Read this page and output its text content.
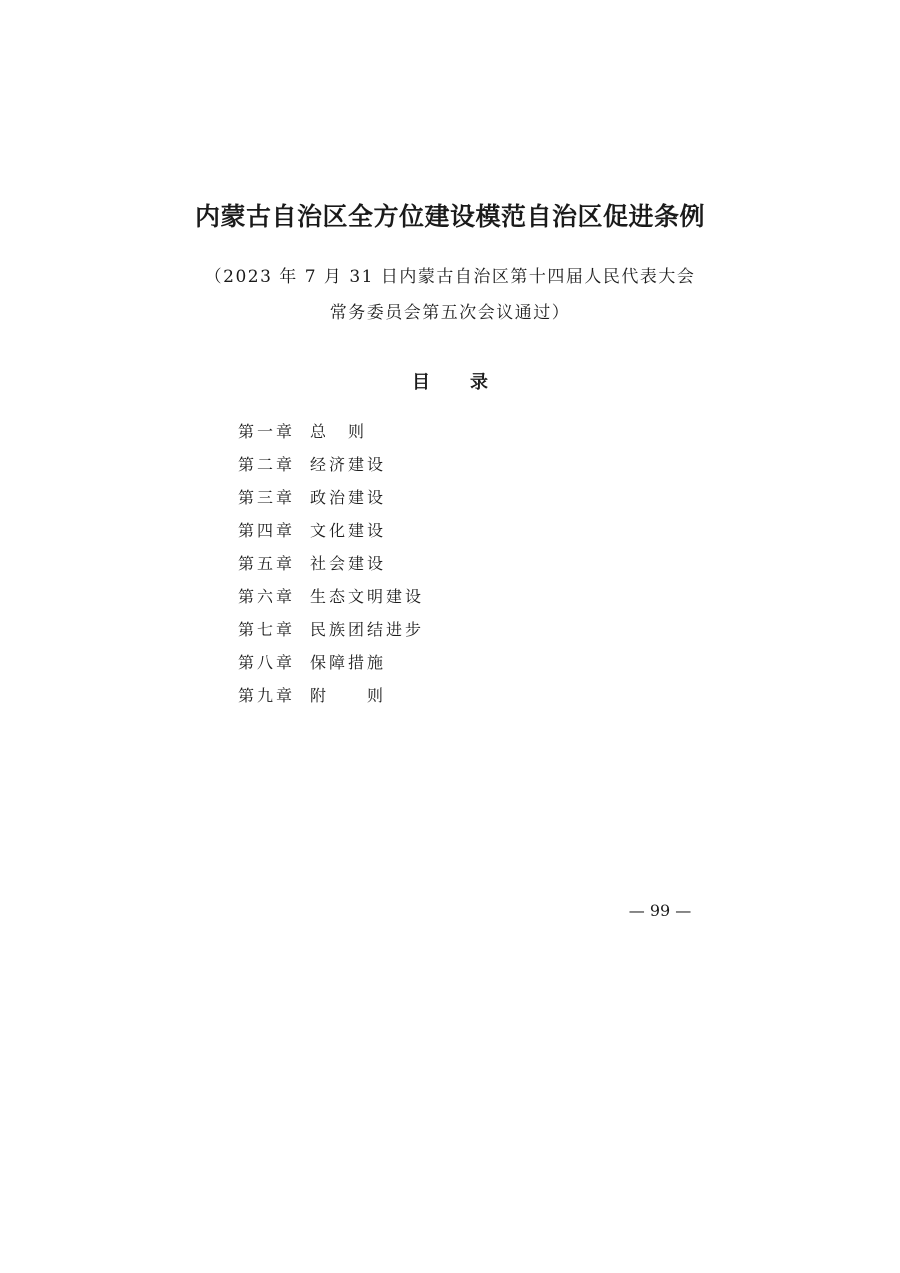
内蒙古自治区全方位建设模范自治区促进条例
（2023 年 7 月 31 日内蒙古自治区第十四届人民代表大会
常务委员会第五次会议通过）
目 录
第一章 总　则
第二章 经济建设
第三章 政治建设
第四章 文化建设
第五章 社会建设
第六章 生态文明建设
第七章 民族团结进步
第八章 保障措施
第九章 附　　则
— 99 —
